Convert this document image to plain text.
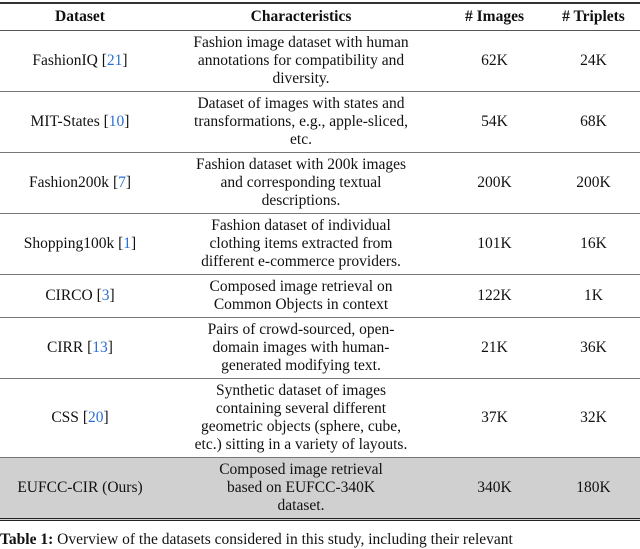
Dataset	Characteristics	# Images	# Triplets
FashionIQ [21]	Fashion image dataset with human annotations for compatibility and diversity.	62K	24K
MIT-States [10]	Dataset of images with states and transformations, e.g., apple-sliced, etc.	54K	68K
Fashion200k [7]	Fashion dataset with 200k images and corresponding textual descriptions.	200K	200K
Shopping100k [1]	Fashion dataset of individual clothing items extracted from different e-commerce providers.	101K	16K
CIRCO [3]	Composed image retrieval on Common Objects in context	122K	1K
CIRR [13]	Pairs of crowd-sourced, open-domain images with human-generated modifying text.	21K	36K
CSS [20]	Synthetic dataset of images containing several different geometric objects (sphere, cube, etc.) sitting in a variety of layouts.	37K	32K
EUFCC-CIR (Ours)	Composed image retrieval based on EUFCC-340K dataset.	340K	180K
Table 1: Overview of the datasets considered in this study, including their relevant
